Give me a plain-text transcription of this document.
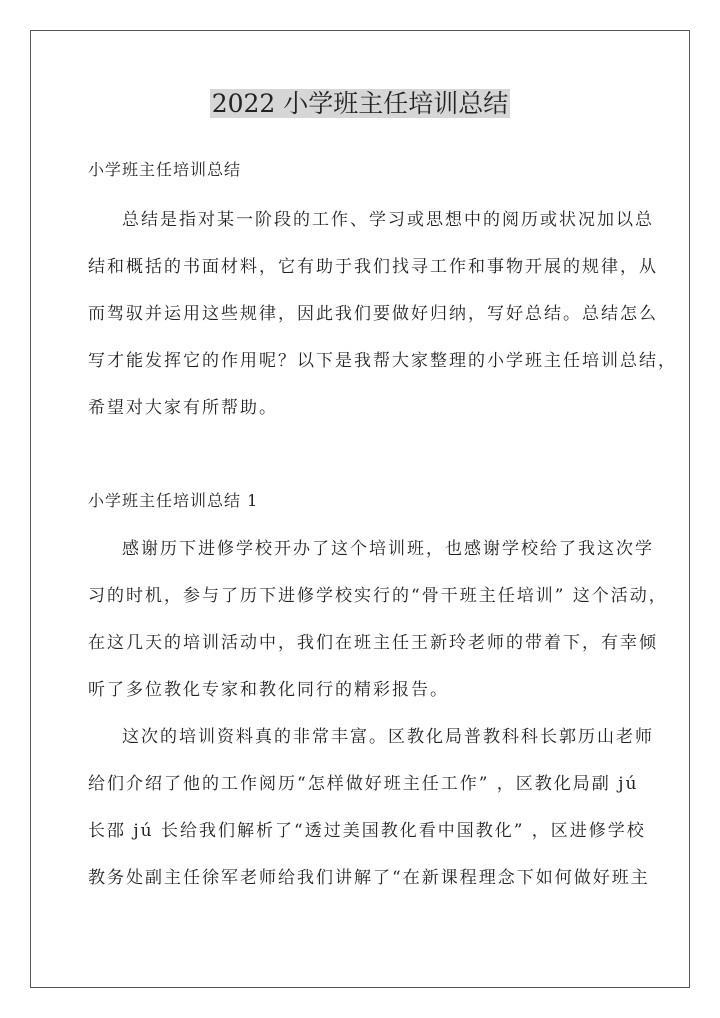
2022 小学班主任培训总结
小学班主任培训总结
总结是指对某一阶段的工作、学习或思想中的阅历或状况加以总
结和概括的书面材料，它有助于我们找寻工作和事物开展的规律，从
而驾驭并运用这些规律，因此我们要做好归纳，写好总结。总结怎么
写才能发挥它的作用呢？以下是我帮大家整理的小学班主任培训总结，
希望对大家有所帮助。
小学班主任培训总结 1
感谢历下进修学校开办了这个培训班，也感谢学校给了我这次学
习的时机，参与了历下进修学校实行的“骨干班主任培训” 这个活动，
在这几天的培训活动中，我们在班主任王新玲老师的带着下，有幸倾
听了多位教化专家和教化同行的精彩报告。
这次的培训资料真的非常丰富。区教化局普教科科长郭历山老师
给们介绍了他的工作阅历“怎样做好班主任工作” ，区教化局副 jú
长邵 jú 长给我们解析了“透过美国教化看中国教化” ，区进修学校
教务处副主任徐军老师给我们讲解了“在新课程理念下如何做好班主
